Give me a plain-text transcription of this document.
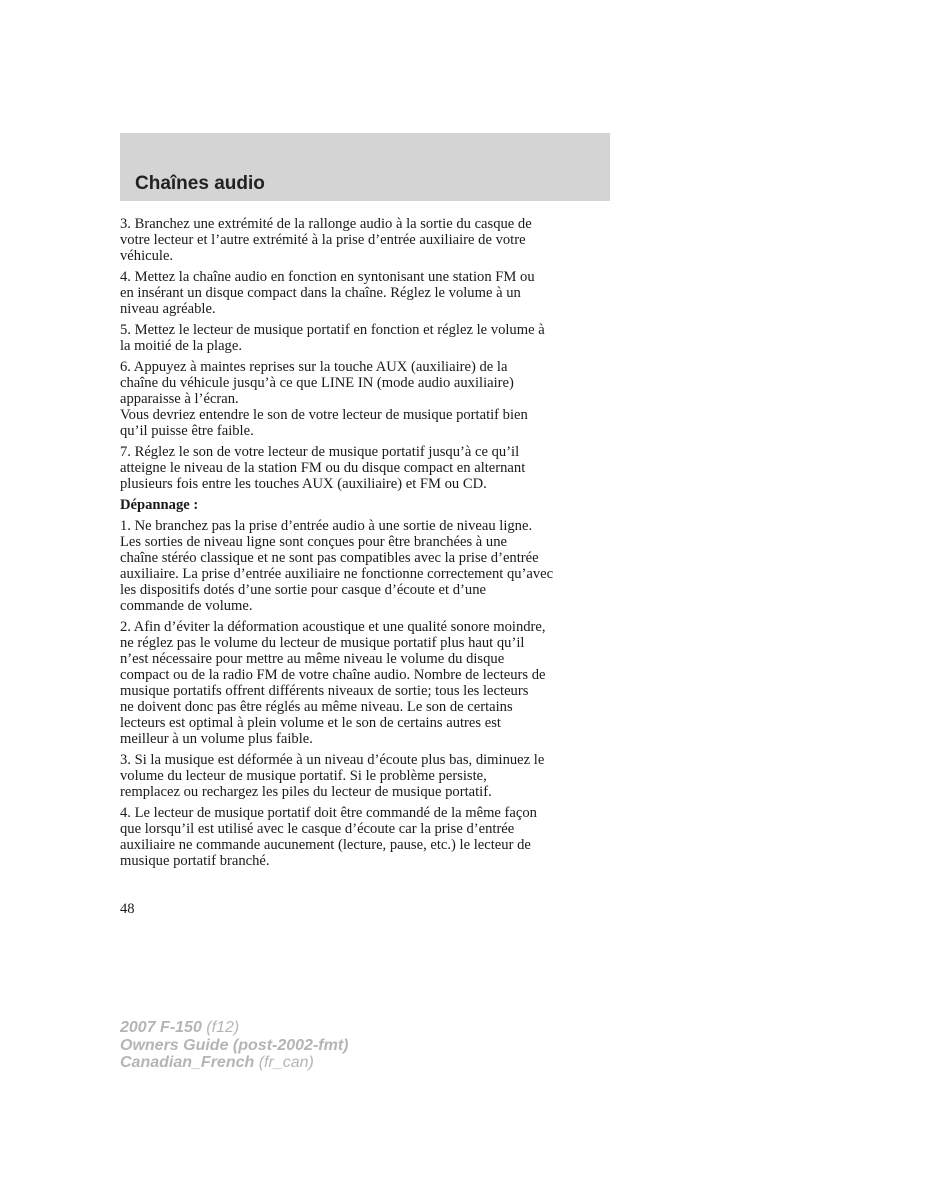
Chaînes audio

3. Branchez une extrémité de la rallonge audio à la sortie du casque de
votre lecteur et l’autre extrémité à la prise d’entrée auxiliaire de votre
véhicule.

4. Mettez la chaîne audio en fonction en syntonisant une station FM ou
en insérant un disque compact dans la chaîne. Réglez le volume à un
niveau agréable.

5. Mettez le lecteur de musique portatif en fonction et réglez le volume à
la moitié de la plage.

6. Appuyez à maintes reprises sur la touche AUX (auxiliaire) de la
chaîne du véhicule jusqu’à ce que LINE IN (mode audio auxiliaire)
apparaisse à l’écran.

Vous devriez entendre le son de votre lecteur de musique portatif bien
qu’il puisse être faible.

7. Réglez le son de votre lecteur de musique portatif jusqu’à ce qu’il
atteigne le niveau de la station FM ou du disque compact en alternant
plusieurs fois entre les touches AUX (auxiliaire) et FM ou CD.

Dépannage :

1. Ne branchez pas la prise d’entrée audio à une sortie de niveau ligne.
Les sorties de niveau ligne sont conçues pour être branchées à une
chaîne stéréo classique et ne sont pas compatibles avec la prise d’entrée
auxiliaire. La prise d’entrée auxiliaire ne fonctionne correctement qu’avec
les dispositifs dotés d’une sortie pour casque d’écoute et d’une
commande de volume.

2. Afin d’éviter la déformation acoustique et une qualité sonore moindre,
ne réglez pas le volume du lecteur de musique portatif plus haut qu’il
n’est nécessaire pour mettre au même niveau le volume du disque
compact ou de la radio FM de votre chaîne audio. Nombre de lecteurs de
musique portatifs offrent différents niveaux de sortie; tous les lecteurs
ne doivent donc pas être réglés au même niveau. Le son de certains
lecteurs est optimal à plein volume et le son de certains autres est
meilleur à un volume plus faible.

3. Si la musique est déformée à un niveau d’écoute plus bas, diminuez le
volume du lecteur de musique portatif. Si le problème persiste,
remplacez ou rechargez les piles du lecteur de musique portatif.

4. Le lecteur de musique portatif doit être commandé de la même façon
que lorsqu’il est utilisé avec le casque d’écoute car la prise d’entrée
auxiliaire ne commande aucunement (lecture, pause, etc.) le lecteur de
musique portatif branché.

48
2007 F-150 (f12)
Owners Guide (post-2002-fmt)
Canadian_French (fr_can)
